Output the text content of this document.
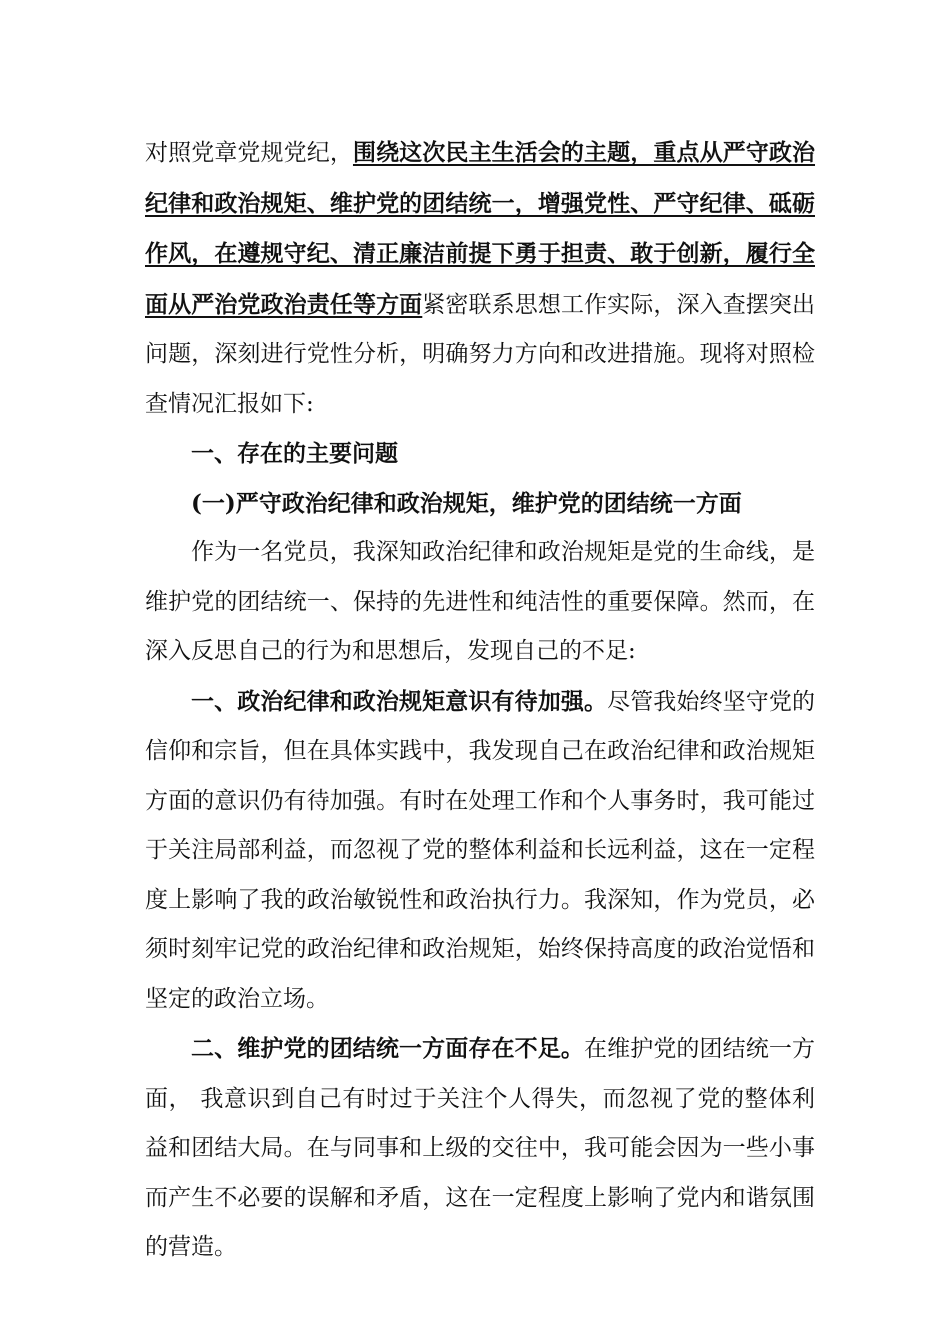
对照党章党规党纪，围绕这次民主生活会的主题，重点从严守政治纪律和政治规矩、维护党的团结统一，增强党性、严守纪律、砥砺作风，在遵规守纪、清正廉洁前提下勇于担责、敢于创新，履行全面从严治党政治责任等方面紧密联系思想工作实际，深入查摆突出问题，深刻进行党性分析，明确努力方向和改进措施。现将对照检查情况汇报如下:

一、存在的主要问题

(一)严守政治纪律和政治规矩，维护党的团结统一方面

作为一名党员，我深知政治纪律和政治规矩是党的生命线，是维护党的团结统一、保持的先进性和纯洁性的重要保障。然而，在深入反思自己的行为和思想后，发现自己的不足:

一、政治纪律和政治规矩意识有待加强。尽管我始终坚守党的信仰和宗旨，但在具体实践中，我发现自己在政治纪律和政治规矩方面的意识仍有待加强。有时在处理工作和个人事务时，我可能过于关注局部利益，而忽视了党的整体利益和长远利益，这在一定程度上影响了我的政治敏锐性和政治执行力。我深知，作为党员，必须时刻牢记党的政治纪律和政治规矩，始终保持高度的政治觉悟和坚定的政治立场。

二、维护党的团结统一方面存在不足。在维护党的团结统一方面， 我意识到自己有时过于关注个人得失，而忽视了党的整体利益和团结大局。在与同事和上级的交往中，我可能会因为一些小事而产生不必要的误解和矛盾，这在一定程度上影响了党内和谐氛围的营造。
